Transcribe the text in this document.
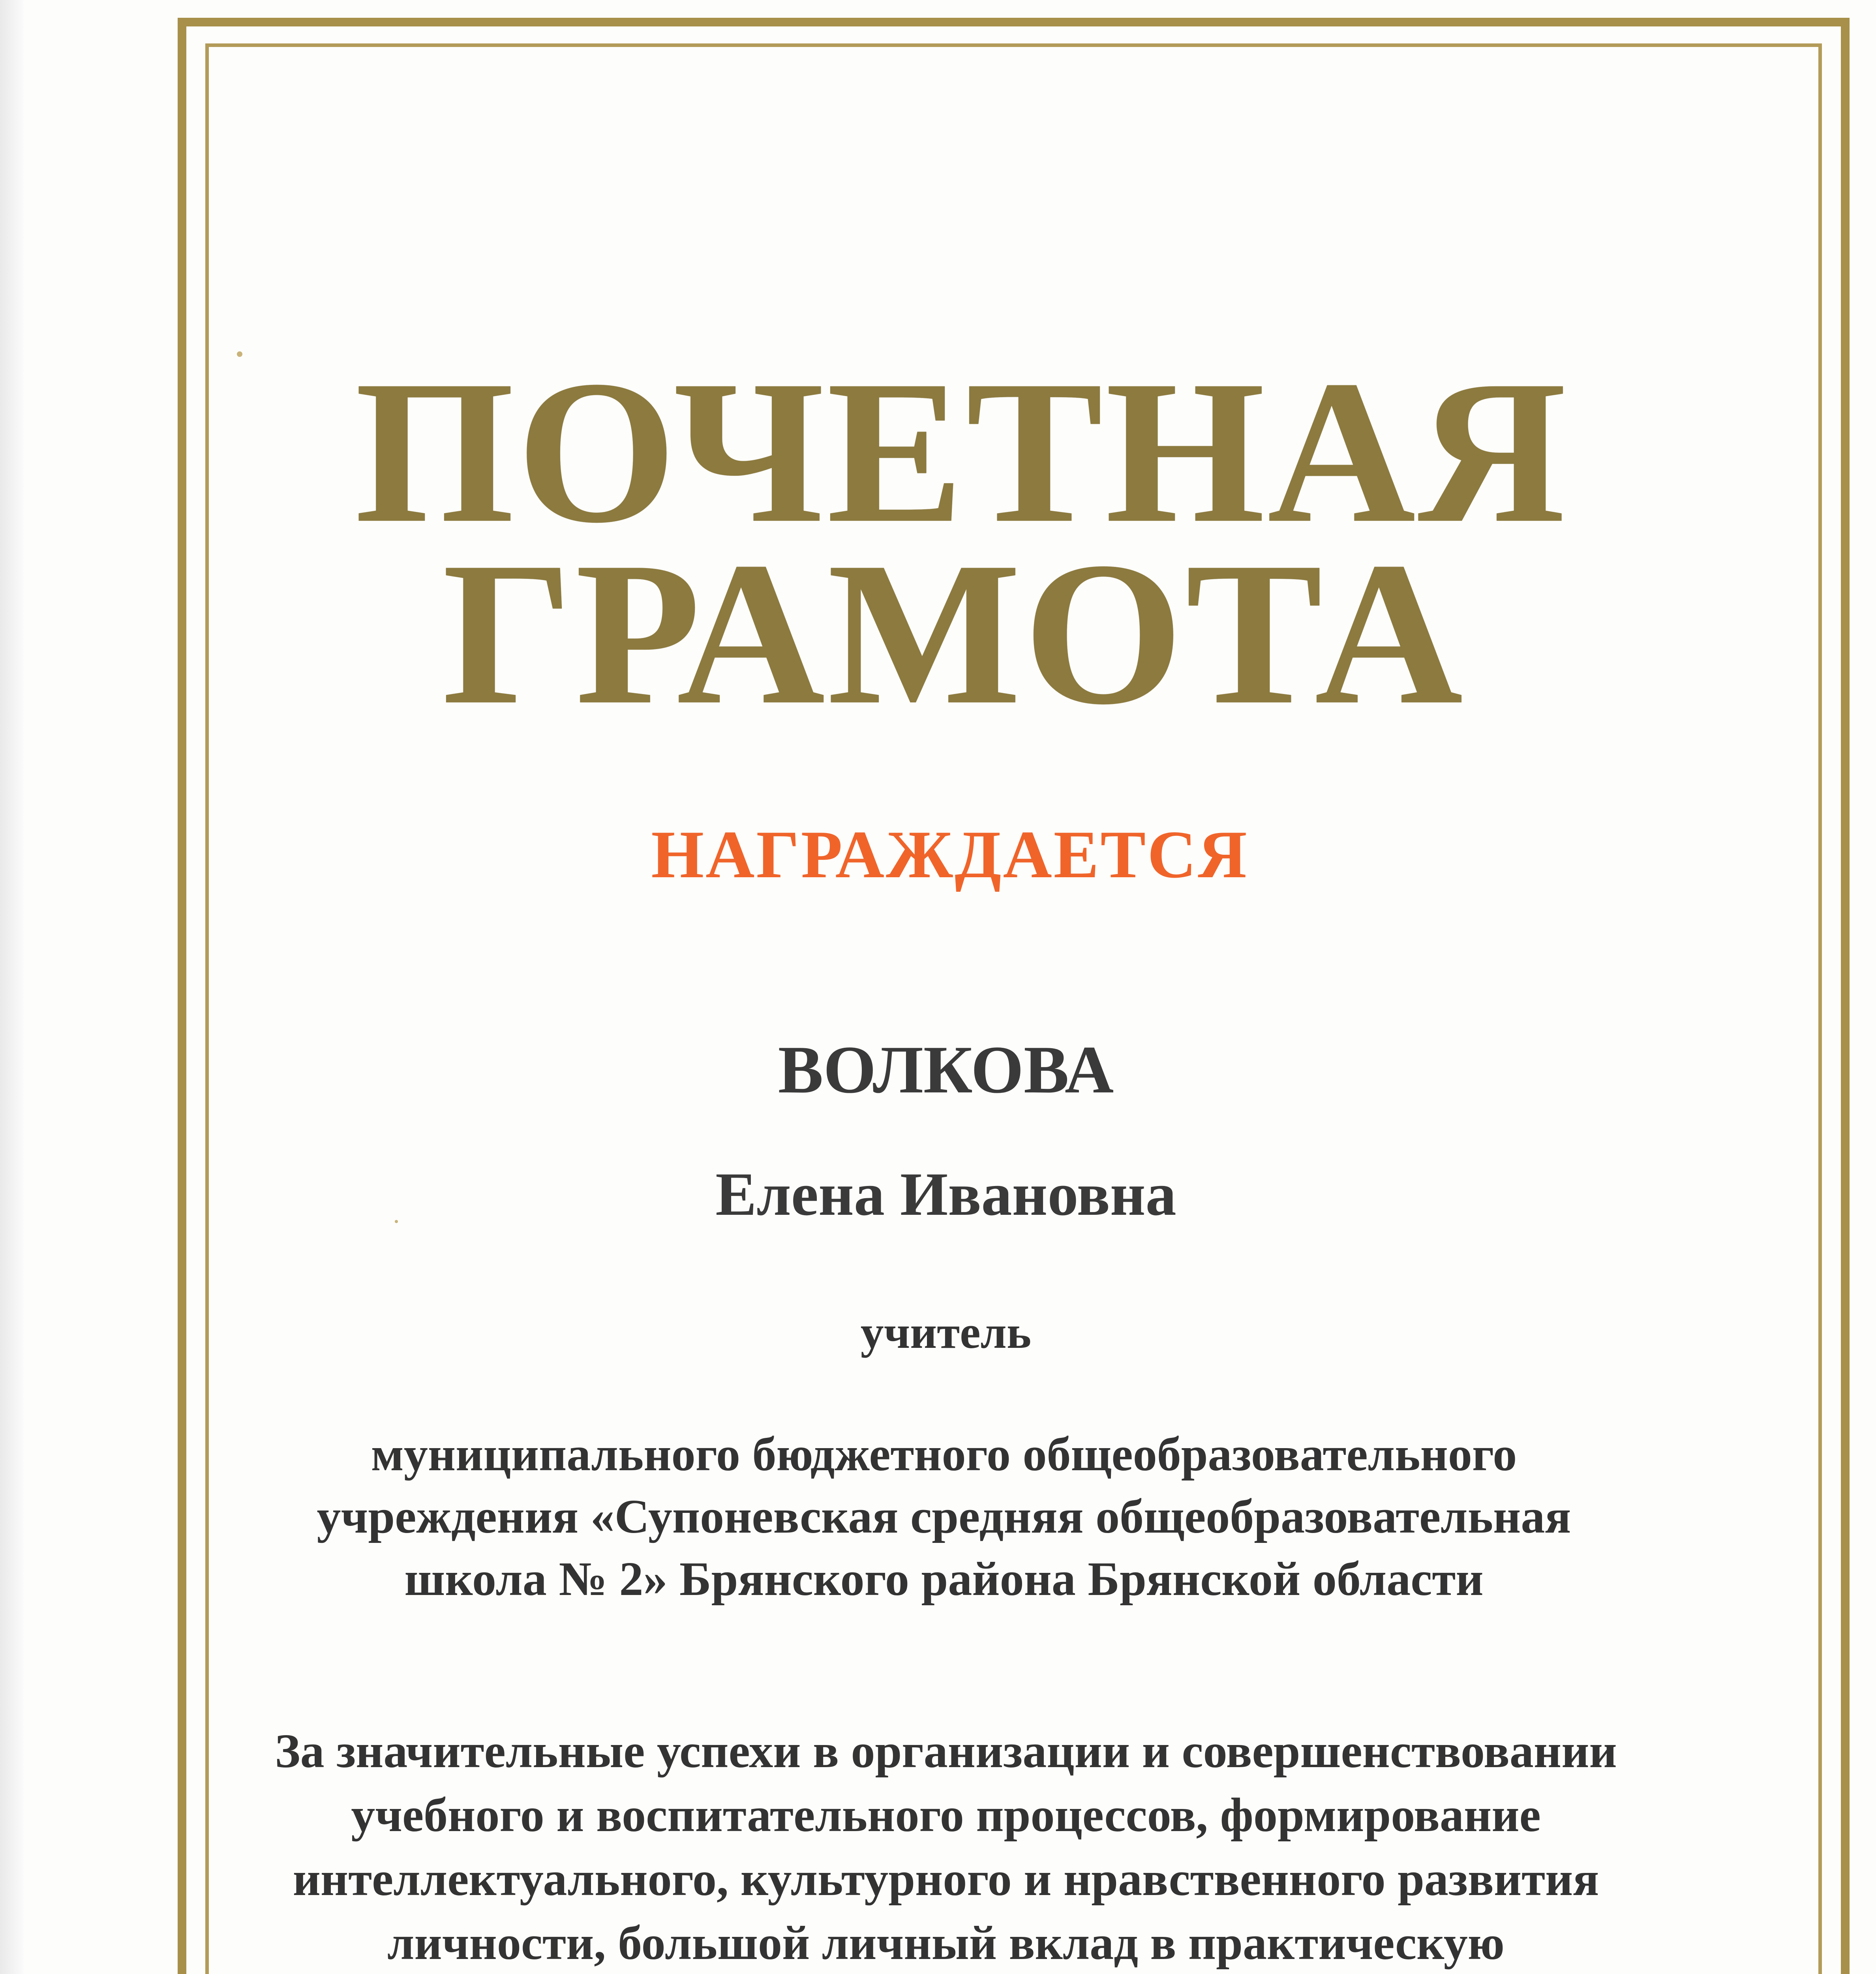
ПОЧЕТНАЯ
ГРАМОТА
НАГРАЖДАЕТСЯ
ВОЛКОВА
Елена Ивановна
учитель
муниципального бюджетного общеобразовательного
учреждения «Супоневская средняя общеобразовательная
школа № 2» Брянского района Брянской области
За значительные успехи в организации и совершенствовании
учебного и воспитательного процессов, формирование
интеллектуального, культурного и нравственного развития
личности, большой личный вклад в практическую
